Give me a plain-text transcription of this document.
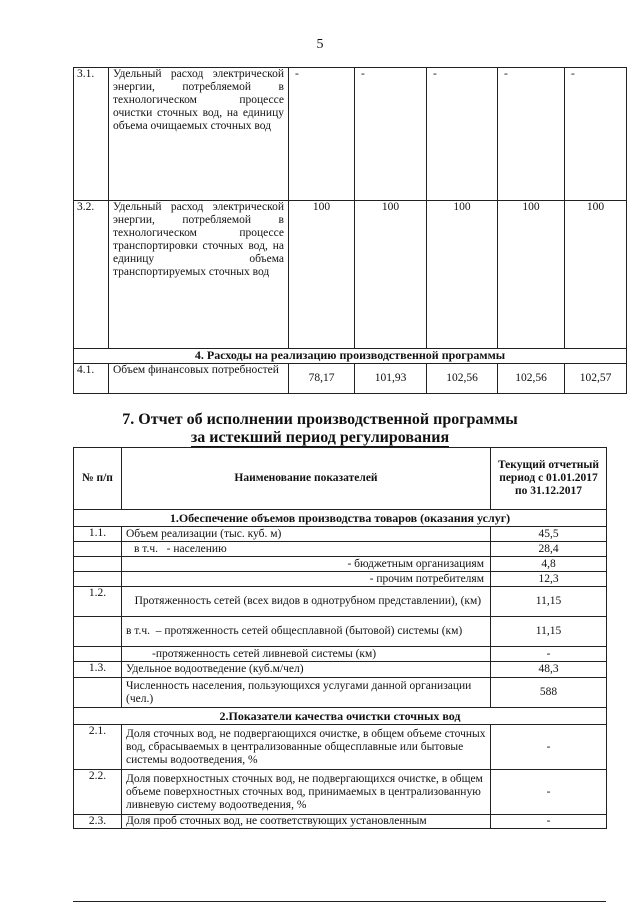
5
3.1.	Удельный расход электрической энергии, потребляемой в технологическом процессе очистки сточных вод, на единицу объема очищаемых сточных вод	-	-	-	-	-
3.2.	Удельный расход электрической энергии, потребляемой в технологическом процессе транспортировки сточных вод, на единицу объема транспортируемых сточных вод	100	100	100	100	100
4. Расходы на реализацию производственной программы						
4.1.	Объем финансовых потребностей	78,17	101,93	102,56	102,56	102,57
7. Отчет об исполнении производственной программы
за истекший период регулирования
№ п/п	Наименование показателей	Текущий отчетный период с 01.01.2017 по 31.12.2017
1.Обеспечение объемов производства товаров (оказания услуг)		
1.1.	Объем реализации (тыс. куб. м)	45,5
	в т.ч.   - населению	28,4
	- бюджетным организациям	4,8
	- прочим потребителям	12,3
1.2.	Протяженность сетей (всех видов в однотрубном представлении), (км)	11,15
	в т.ч.  – протяженность сетей общесплавной (бытовой) системы (км)	11,15
	-протяженность сетей ливневой системы (км)	-
1.3.	Удельное водоотведение (куб.м/чел)	48,3
	Численность населения, пользующихся услугами данной организации (чел.)	588
2.Показатели качества очистки сточных вод		
2.1.	Доля сточных вод, не подвергающихся очистке, в общем объеме сточных вод, сбрасываемых в централизованные общесплавные или бытовые системы водоотведения, %	-
2.2.	Доля поверхностных сточных вод, не подвергающихся очистке, в общем объеме поверхностных сточных вод, принимаемых в централизованную ливневую систему водоотведения, %	-
2.3.	Доля проб сточных вод, не соответствующих установленным	-
